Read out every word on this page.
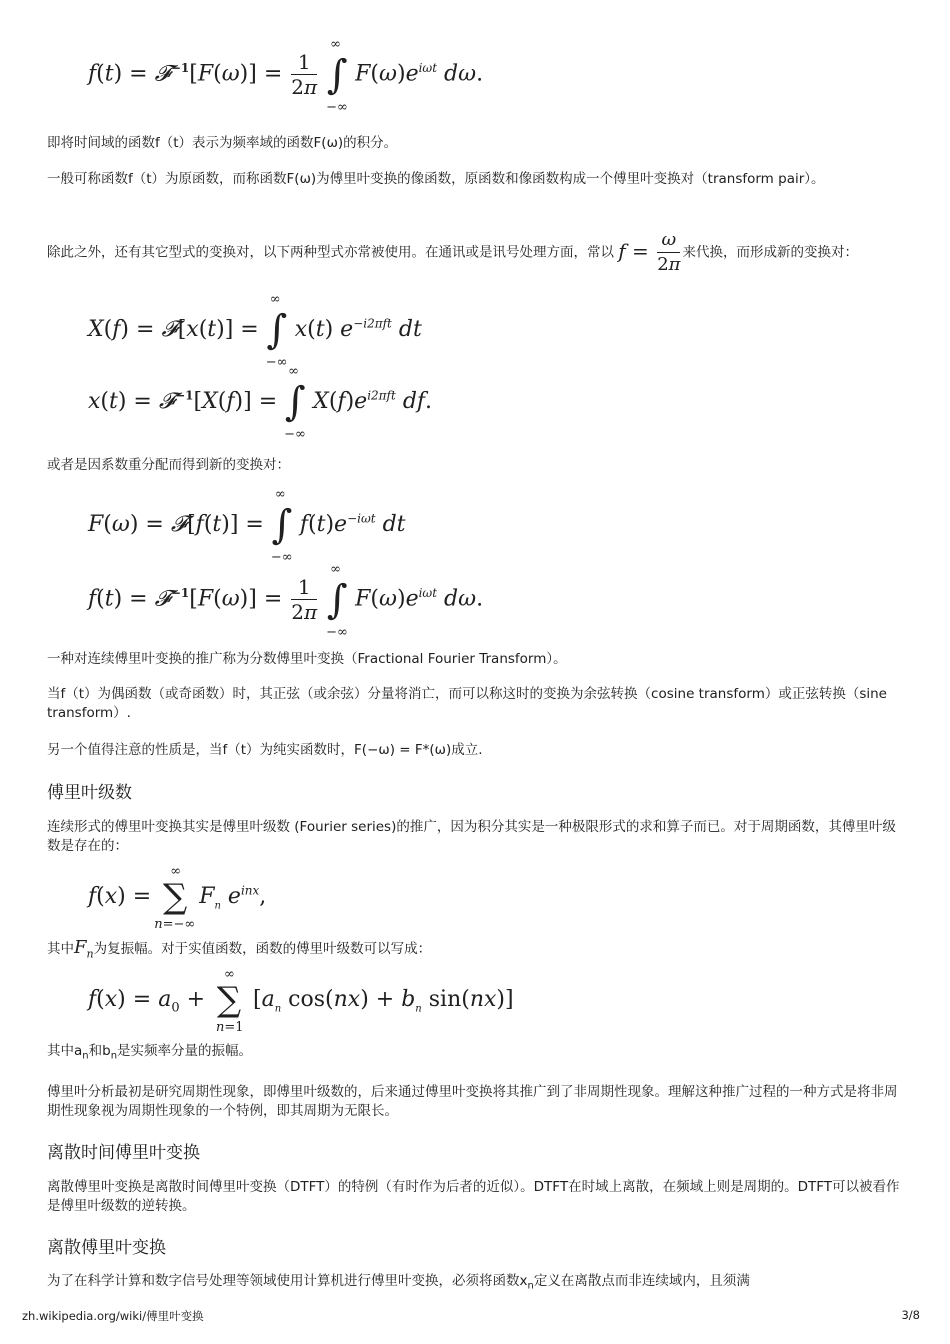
f(t) = 𝓕$^{-1}$[F(ω)] = $\frac{1}{2\pi}$

∞
∫
−∞
$F(\omega)e^{i\omega t}$ dω.
即将时间域的函数f（t）表示为频率域的函数F(ω)的积分。
一般可称函数f（t）为原函数，而称函数F(ω)为傅里叶变换的像函数，原函数和像函数构成一个傅里叶变换对（transform pair）。
除此之外，还有其它型式的变换对，以下两种型式亦常被使用。在通讯或是讯号处理方面，常以 $f = \frac{\omega}{2\pi}$ 来代换，而形成新的变换对：
X(f) = 𝓕[x(t)] =
∞
∫
−∞
x(t) $e^{-i2\pi ft}$ dt
x(t) = 𝓕$^{-1}$[X(f)] =
∞
∫
−∞
$X(f)e^{i2\pi ft}$ df.
或者是因系数重分配而得到新的变换对：
F(ω) = 𝓕[f(t)] =
∞
∫
−∞
$f(t)e^{-i\omega t}$ dt
f(t) = 𝓕$^{-1}$[F(ω)] = $\frac{1}{2\pi}$

∞
∫
−∞
$F(\omega)e^{i\omega t}$ dω.
一种对连续傅里叶变换的推广称为分数傅里叶变换（Fractional Fourier Transform）。
当f（t）为偶函数（或奇函数）时，其正弦（或余弦）分量将消亡，而可以称这时的变换为余弦转换（cosine transform）或正弦转换（sine transform）.
另一个值得注意的性质是，当f（t）为纯实函数时，F(−ω) = F*(ω)成立.
傅里叶级数
连续形式的傅里叶变换其实是傅里叶级数 (Fourier series)的推广，因为积分其实是一种极限形式的求和算子而已。对于周期函数，其傅里叶级数是存在的：
f(x) =
∞
∑
n=−∞
$F_n$ $e^{inx}$,
其中$F_n$为复振幅。对于实值函数，函数的傅里叶级数可以写成：
$f(x) = a_0$ +
∞
∑
n=1
[$a_n$ $\cos(nx) + b_n$ sin(nx)]
其中$a_n$和$b_n$是实频率分量的振幅。
傅里叶分析最初是研究周期性现象，即傅里叶级数的，后来通过傅里叶变换将其推广到了非周期性现象。理解这种推广过程的一种方式是将非周期性现象视为周期性现象的一个特例，即其周期为无限长。
离散时间傅里叶变换
离散傅里叶变换是离散时间傅里叶变换（DTFT）的特例（有时作为后者的近似）。DTFT在时域上离散，在频域上则是周期的。DTFT可以被看作是傅里叶级数的逆转换。
离散傅里叶变换
为了在科学计算和数字信号处理等领域使用计算机进行傅里叶变换，必须将函数$x_n$定义在离散点而非连续域内，且须满
zh.wikipedia.org/wiki/傅里叶变换	3/8
